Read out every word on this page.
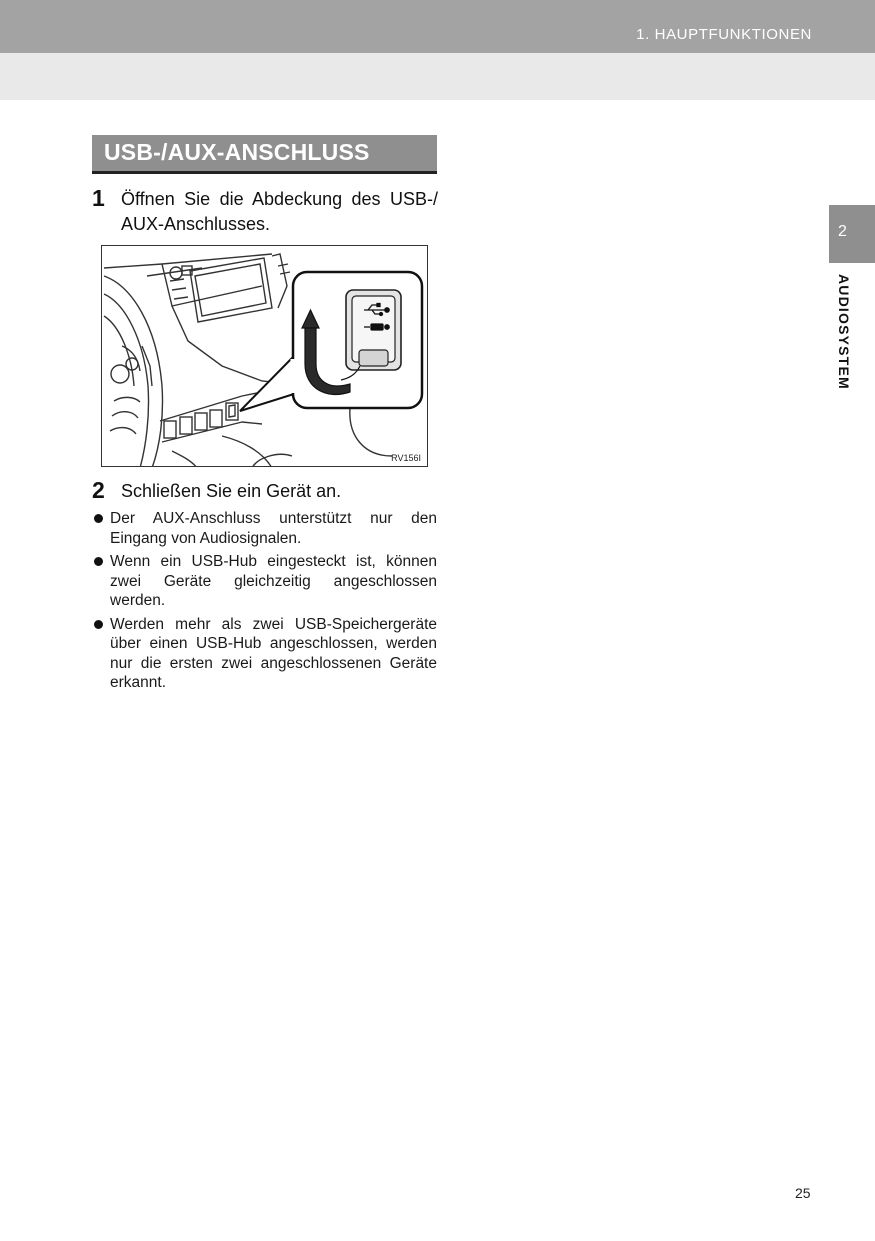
1. HAUPTFUNKTIONEN
2
AUDIOSYSTEM
USB-/AUX-ANSCHLUSS
1 Öffnen Sie die Abdeckung des USB-/
AUX-Anschlusses.
RV156I
2 Schließen Sie ein Gerät an.
Der AUX-Anschluss unterstützt nur den Eingang von Audiosignalen.
Wenn ein USB-Hub eingesteckt ist, können zwei Geräte gleichzeitig angeschlossen werden.
Werden mehr als zwei USB-Speichergeräte über einen USB-Hub angeschlossen, werden nur die ersten zwei angeschlossenen Geräte erkannt.
25
